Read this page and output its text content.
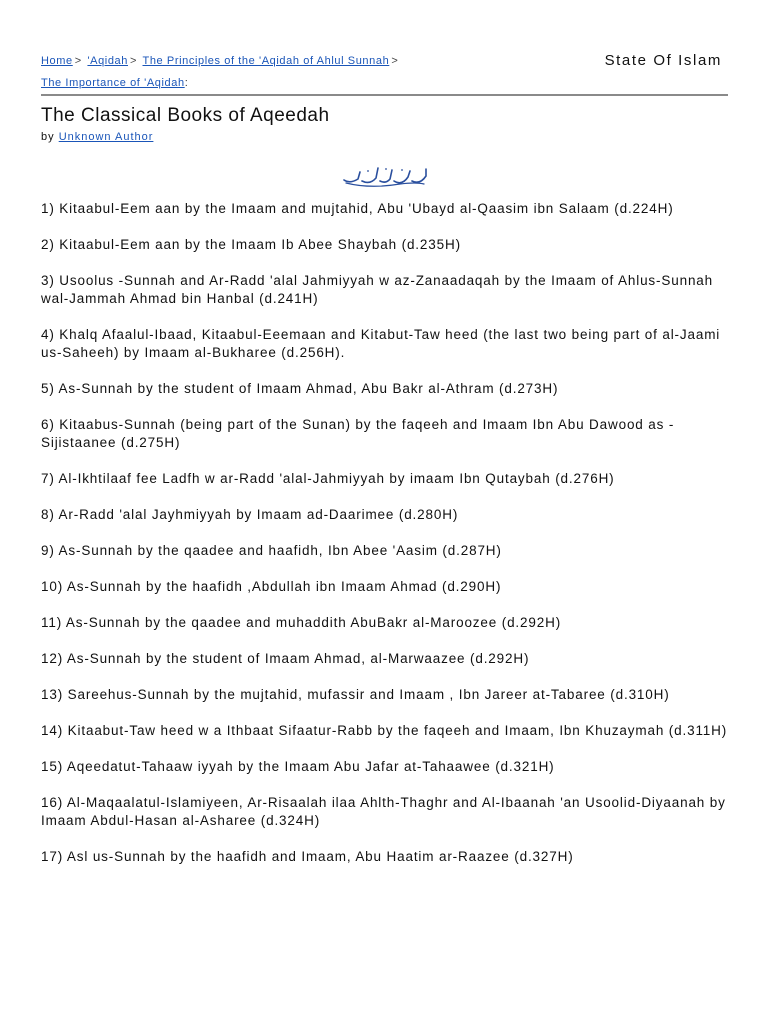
Home > 'Aqidah > The Principles of the 'Aqidah of Ahlul Sunnah >
The Importance of 'Aqidah:
State Of Islam
The Classical Books of Aqeedah
by Unknown Author

1) Kitaabul-Eem aan by the Imaam and mujtahid, Abu 'Ubayd al-Qaasim ibn Salaam (d.224H)

2) Kitaabul-Eem aan by the Imaam Ib Abee Shaybah (d.235H)

3) Usoolus -Sunnah and Ar-Radd 'alal Jahmiyyah w az-Zanaadaqah by the Imaam of Ahlus-Sunnah wal-Jammah Ahmad bin Hanbal (d.241H)

4) Khalq Afaalul-Ibaad, Kitaabul-Eeemaan and Kitabut-Taw heed (the last two being part of al-Jaami us-Saheeh) by Imaam al-Bukharee (d.256H).

5) As-Sunnah by the student of Imaam Ahmad, Abu Bakr al-Athram (d.273H)

6) Kitaabus-Sunnah (being part of the Sunan) by the faqeeh and Imaam Ibn Abu Dawood as -Sijistaanee (d.275H)

7) Al-Ikhtilaaf fee Ladfh w ar-Radd 'alal-Jahmiyyah by imaam Ibn Qutaybah (d.276H)

8) Ar-Radd 'alal Jayhmiyyah by Imaam ad-Daarimee (d.280H)

9) As-Sunnah by the qaadee and haafidh, Ibn Abee 'Aasim (d.287H)

10) As-Sunnah by the haafidh ,Abdullah ibn Imaam Ahmad (d.290H)

11) As-Sunnah by the qaadee and muhaddith AbuBakr al-Maroozee (d.292H)

12) As-Sunnah by the student of Imaam Ahmad, al-Marwaazee (d.292H)

13) Sareehus-Sunnah by the mujtahid, mufassir and Imaam , Ibn Jareer at-Tabaree (d.310H)

14) Kitaabut-Taw heed w a Ithbaat Sifaatur-Rabb by the faqeeh and Imaam, Ibn Khuzaymah (d.311H)

15) Aqeedatut-Tahaaw iyyah by the Imaam Abu Jafar at-Tahaawee (d.321H)

16) Al-Maqaalatul-Islamiyeen, Ar-Risaalah ilaa Ahlth-Thaghr and Al-Ibaanah 'an Usoolid-Diyaanah by Imaam Abdul-Hasan al-Asharee (d.324H)

17) Asl us-Sunnah by the haafidh and Imaam, Abu Haatim ar-Raazee (d.327H)
